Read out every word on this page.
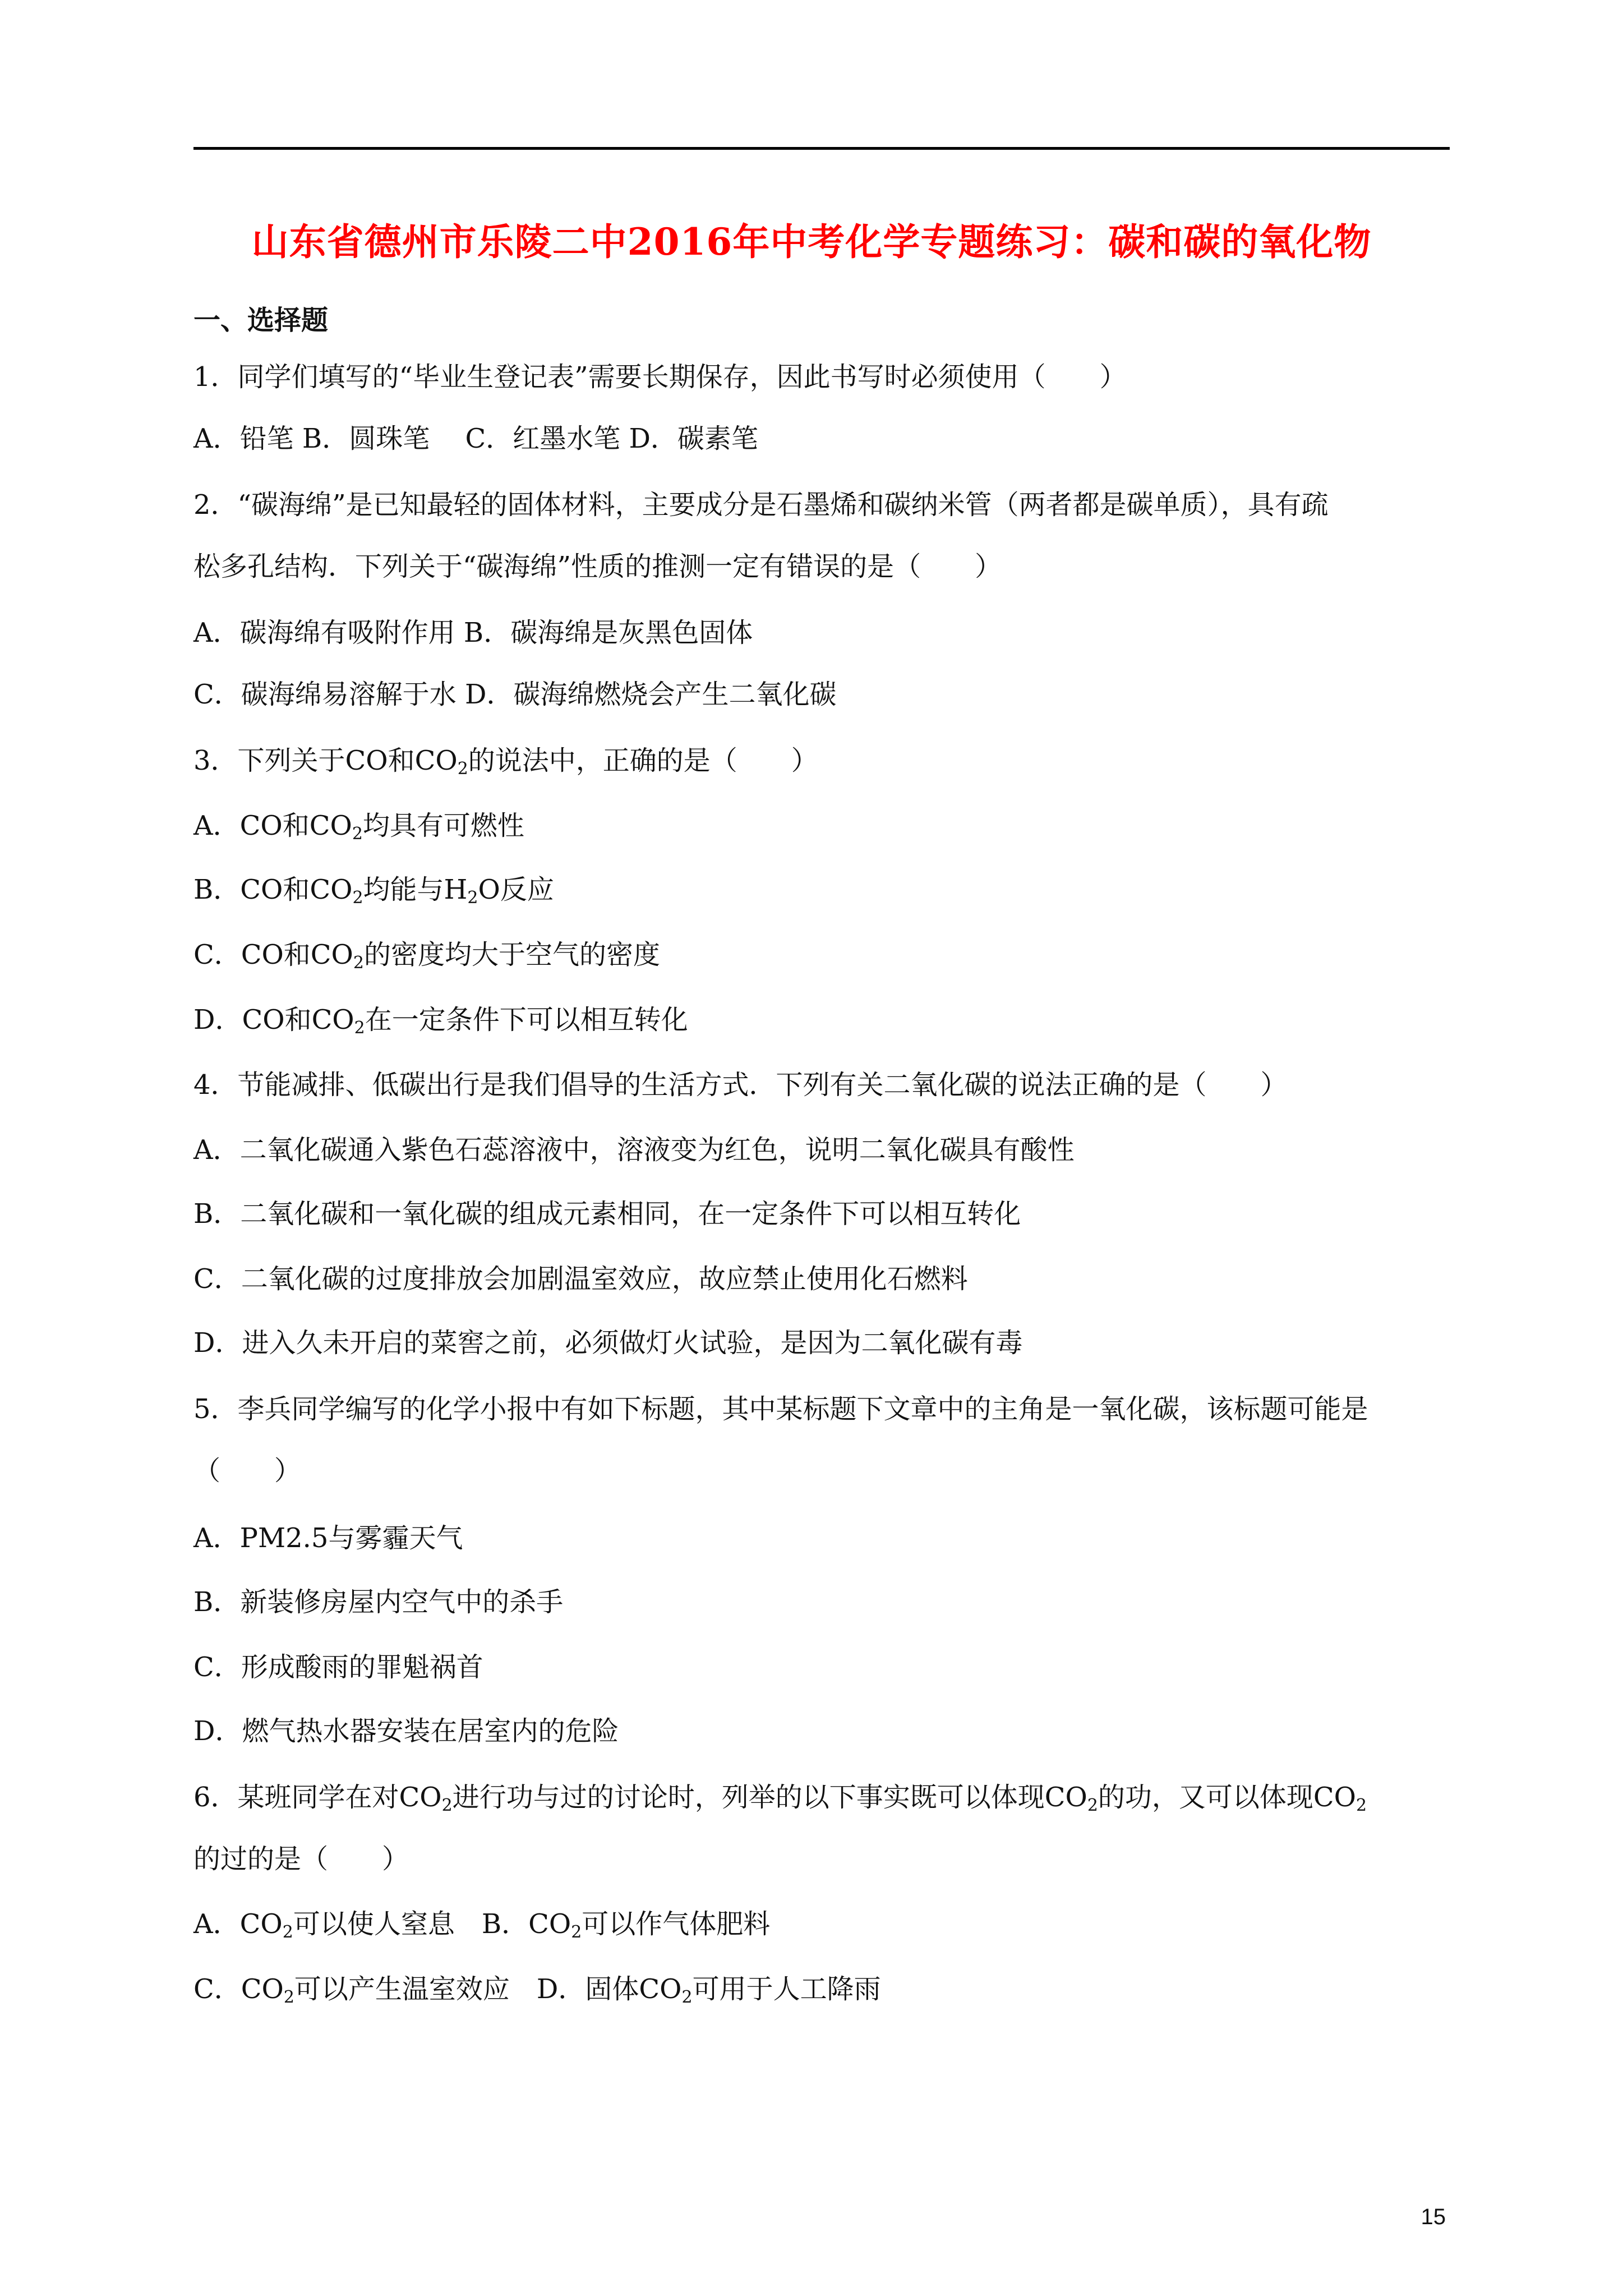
山东省德州市乐陵二中2016年中考化学专题练习：碳和碳的氧化物
一、选择题
1．同学们填写的“毕业生登记表”需要长期保存，因此书写时必须使用（　　）
A．铅笔 B．圆珠笔　 C．红墨水笔 D．碳素笔
2．“碳海绵”是已知最轻的固体材料，主要成分是石墨烯和碳纳米管（两者都是碳单质），具有疏
松多孔结构．下列关于“碳海绵”性质的推测一定有错误的是（　　）
A．碳海绵有吸附作用 B．碳海绵是灰黑色固体
C．碳海绵易溶解于水 D．碳海绵燃烧会产生二氧化碳
3．下列关于CO和$CO_2$的说法中，正确的是（　　）
A．CO和$CO_2$均具有可燃性
B．CO和$CO_2$均能与$H_2O$反应
C．CO和$CO_2$的密度均大于空气的密度
D．CO和$CO_2$在一定条件下可以相互转化
4．节能减排、低碳出行是我们倡导的生活方式．下列有关二氧化碳的说法正确的是（　　）
A．二氧化碳通入紫色石蕊溶液中，溶液变为红色，说明二氧化碳具有酸性
B．二氧化碳和一氧化碳的组成元素相同，在一定条件下可以相互转化
C．二氧化碳的过度排放会加剧温室效应，故应禁止使用化石燃料
D．进入久未开启的菜窖之前，必须做灯火试验，是因为二氧化碳有毒
5．李兵同学编写的化学小报中有如下标题，其中某标题下文章中的主角是一氧化碳，该标题可能是
（　　）
A．PM2.5与雾霾天气
B．新装修房屋内空气中的杀手
C．形成酸雨的罪魁祸首
D．燃气热水器安装在居室内的危险
6．某班同学在对$CO_2$进行功与过的讨论时，列举的以下事实既可以体现$CO_2$的功，又可以体现$CO_2$
的过的是（　　）
A．$CO_2$可以使人窒息　B．$CO_2$可以作气体肥料
C．$CO_2$可以产生温室效应　D．固体$CO_2$可用于人工降雨
15
